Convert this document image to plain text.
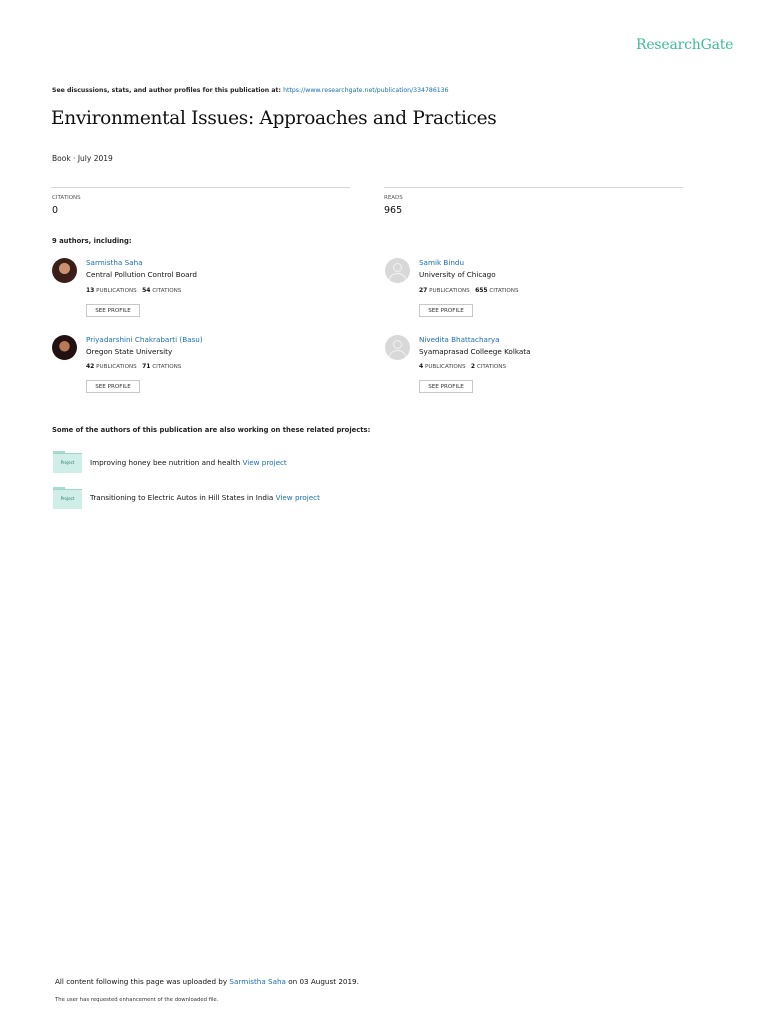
ResearchGate
See discussions, stats, and author profiles for this publication at: https://www.researchgate.net/publication/334786136
Environmental Issues: Approaches and Practices
Book · July 2019
CITATIONS
0
READS
965
9 authors, including:
Sarmistha Saha
Central Pollution Control Board
13 PUBLICATIONS 54 CITATIONS
SEE PROFILE
Samik Bindu
University of Chicago
27 PUBLICATIONS 655 CITATIONS
SEE PROFILE
Priyadarshini Chakrabarti (Basu)
Oregon State University
42 PUBLICATIONS 71 CITATIONS
SEE PROFILE
Nivedita Bhattacharya
Syamaprasad Colleege Kolkata
4 PUBLICATIONS 2 CITATIONS
SEE PROFILE
Some of the authors of this publication are also working on these related projects:
Project	Improving honey bee nutrition and health View project
Project	Transitioning to Electric Autos in Hill States in India View project
All content following this page was uploaded by Sarmistha Saha on 03 August 2019.
The user has requested enhancement of the downloaded file.
